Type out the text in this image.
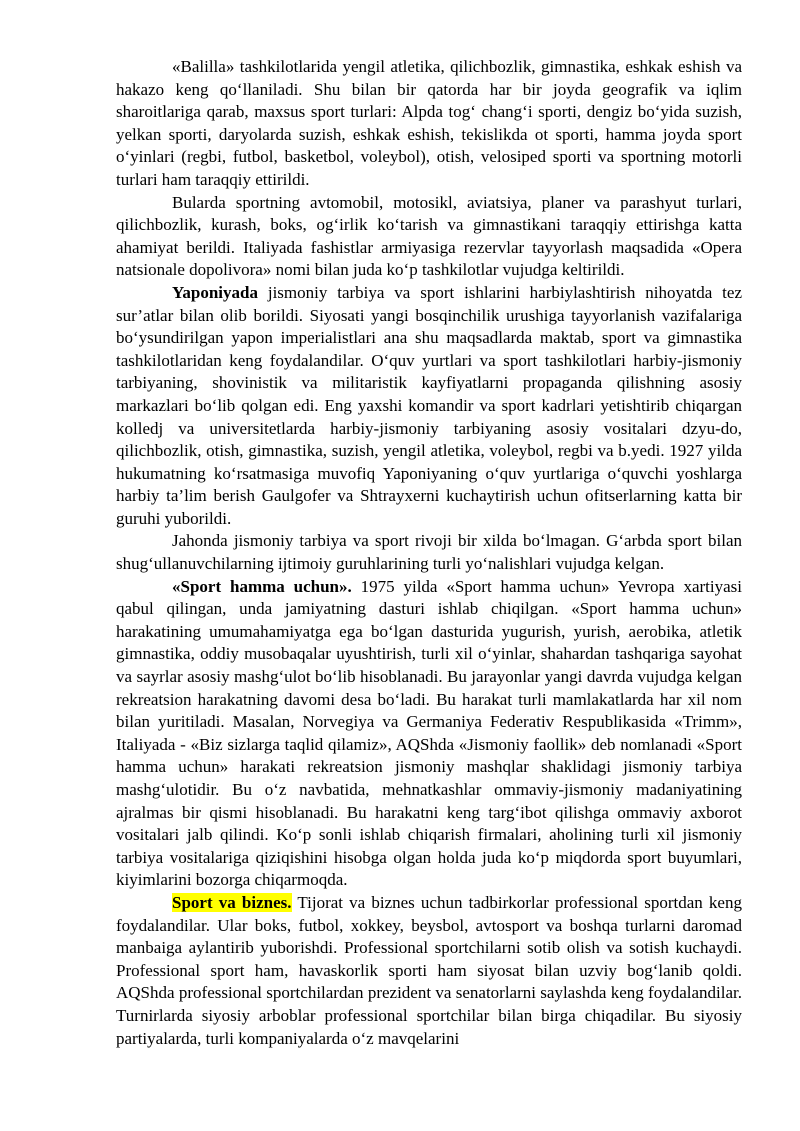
«Balilla» tashkilotlarida yengil atletika, qilichbozlik, gimnastika, eshkak eshish va hakazo keng qo‘llaniladi. Shu bilan bir qatorda har bir joyda geografik va iqlim sharoitlariga qarab, maxsus sport turlari: Alpda tog‘ chang‘i sporti, dengiz bo‘yida suzish, yelkan sporti, daryolarda suzish, eshkak eshish, tekislikda ot sporti, hamma joyda sport o‘yinlari (regbi, futbol, basketbol, voleybol), otish, velosiped sporti va sportning motorli turlari ham taraqqiy ettirildi.

Bularda sportning avtomobil, motosikl, aviatsiya, planer va parashyut turlari, qilichbozlik, kurash, boks, og‘irlik ko‘tarish va gimnastikani taraqqiy ettirishga katta ahamiyat berildi. Italiyada fashistlar armiyasiga rezervlar tayyorlash maqsadida «Opera natsionale dopolivora» nomi bilan juda ko‘p tashkilotlar vujudga keltirildi.

Yaponiyada jismoniy tarbiya va sport ishlarini harbiylashtirish nihoyatda tez sur’atlar bilan olib borildi. Siyosati yangi bosqinchilik urushiga tayyorlanish vazifalariga bo‘ysundirilgan yapon imperialistlari ana shu maqsadlarda maktab, sport va gimnastika tashkilotlaridan keng foydalandilar. O‘quv yurtlari va sport tashkilotlari harbiy-jismoniy tarbiyaning, shovinistik va militaristik kayfiyatlarni propaganda qilishning asosiy markazlari bo‘lib qolgan edi. Eng yaxshi komandir va sport kadrlari yetishtirib chiqargan kolledj va universitetlarda harbiy-jismoniy tarbiyaning asosiy vositalari dzyu-do, qilichbozlik, otish, gimnastika, suzish, yengil atletika, voleybol, regbi va b.yedi. 1927 yilda hukumatning ko‘rsatmasiga muvofiq Yaponiyaning o‘quv yurtlariga o‘quvchi yoshlarga harbiy ta’lim berish Gaulgofer va Shtrayxerni kuchaytirish uchun ofitserlarning katta bir guruhi yuborildi.

Jahonda jismoniy tarbiya va sport rivoji bir xilda bo‘lmagan. G‘arbda sport bilan shug‘ullanuvchilarning ijtimoiy guruhlarining turli yo‘nalishlari vujudga kelgan.

«Sport hamma uchun». 1975 yilda «Sport hamma uchun» Yevropa xartiyasi qabul qilingan, unda jamiyatning dasturi ishlab chiqilgan. «Sport hamma uchun» harakatining umumahamiyatga ega bo‘lgan dasturida yugurish, yurish, aerobika, atletik gimnastika, oddiy musobaqalar uyushtirish, turli xil o‘yinlar, shahardan tashqariga sayohat va sayrlar asosiy mashg‘ulot bo‘lib hisoblanadi. Bu jarayonlar yangi davrda vujudga kelgan rekreatsion harakatning davomi desa bo‘ladi. Bu harakat turli mamlakatlarda har xil nom bilan yuritiladi. Masalan, Norvegiya va Germaniya Federativ Respublikasida «Trimm», Italiyada - «Biz sizlarga taqlid qilamiz», AQShda «Jismoniy faollik» deb nomlanadi «Sport hamma uchun» harakati rekreatsion jismoniy mashqlar shaklidagi jismoniy tarbiya mashg‘ulotidir. Bu o‘z navbatida, mehnatkashlar ommaviy-jismoniy madaniyatining ajralmas bir qismi hisoblanadi. Bu harakatni keng targ‘ibot qilishga ommaviy axborot vositalari jalb qilindi. Ko‘p sonli ishlab chiqarish firmalari, aholining turli xil jismoniy tarbiya vositalariga qiziqishini hisobga olgan holda juda ko‘p miqdorda sport buyumlari, kiyimlarini bozorga chiqarmoqda.

Sport va biznes. Tijorat va biznes uchun tadbirkorlar professional sportdan keng foydalandilar. Ular boks, futbol, xokkey, beysbol, avtosport va boshqa turlarni daromad manbaiga aylantirib yuborishdi. Professional sportchilarni sotib olish va sotish kuchaydi. Professional sport ham, havaskorlik sporti ham siyosat bilan uzviy bog‘lanib qoldi. AQShda professional sportchilardan prezident va senatorlarni saylashda keng foydalandilar. Turnirlarda siyosiy arboblar professional sportchilar bilan birga chiqadilar. Bu siyosiy partiyalarda, turli kompaniyalarda o‘z mavqelarini
